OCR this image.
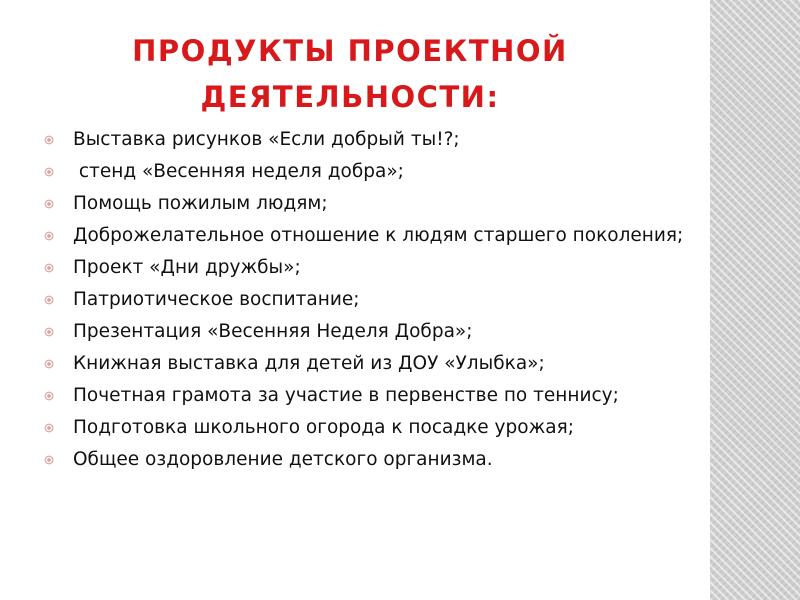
ПРОДУКТЫ ПРОЕКТНОЙ
ДЕЯТЕЛЬНОСТИ:
Выставка рисунков «Если добрый ты!?;
стенд «Весенняя неделя добра»;
Помощь пожилым людям;
Доброжелательное отношение к людям старшего поколения;
Проект «Дни дружбы»;
Патриотическое воспитание;
Презентация «Весенняя Неделя Добра»;
Книжная выставка для детей из ДОУ «Улыбка»;
Почетная грамота за участие в первенстве по теннису;
Подготовка школьного огорода к посадке урожая;
Общее оздоровление детского организма.
